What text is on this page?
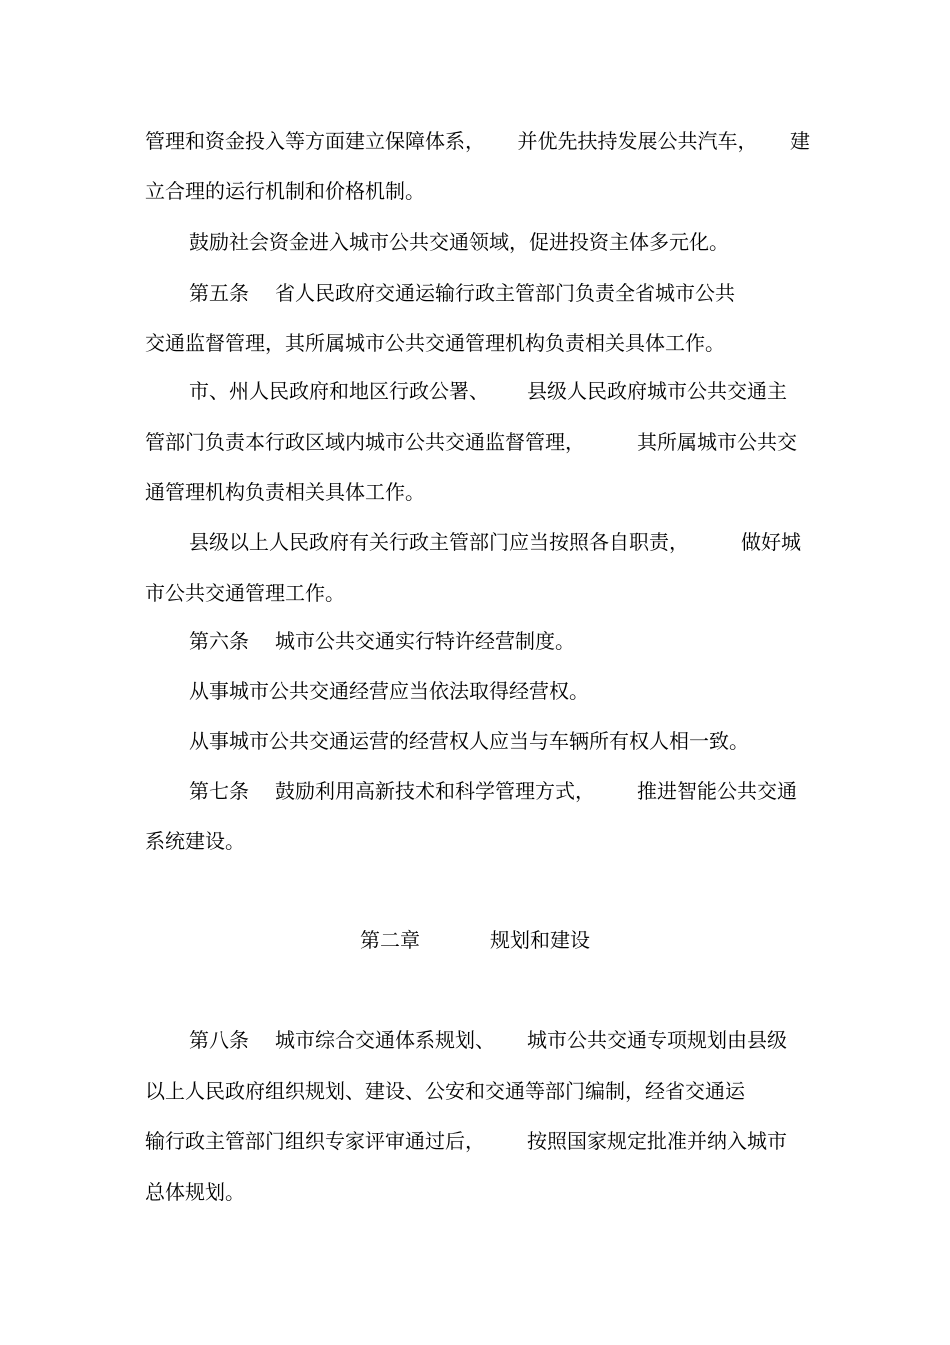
管理和资金投入等方面建立保障体系， 并优先扶持发展公共汽车， 建
立合理的运行机制和价格机制。
鼓励社会资金进入城市公共交通领域，促进投资主体多元化。
第五条 省人民政府交通运输行政主管部门负责全省城市公共
交通监督管理，其所属城市公共交通管理机构负责相关具体工作。
市、州人民政府和地区行政公署、 县级人民政府城市公共交通主
管部门负责本行政区域内城市公共交通监督管理，	其所属城市公共交
通管理机构负责相关具体工作。
县级以上人民政府有关行政主管部门应当按照各自职责，	做好城
市公共交通管理工作。
第六条 城市公共交通实行特许经营制度。
从事城市公共交通经营应当依法取得经营权。
从事城市公共交通运营的经营权人应当与车辆所有权人相一致。
第七条 鼓励利用高新技术和科学管理方式， 推进智能公共交通
系统建设。
第二章	规划和建设
第八条 城市综合交通体系规划、 城市公共交通专项规划由县级
以上人民政府组织规划、建设、公安和交通等部门编制，经省交通运
输行政主管部门组织专家评审通过后， 按照国家规定批准并纳入城市
总体规划。
